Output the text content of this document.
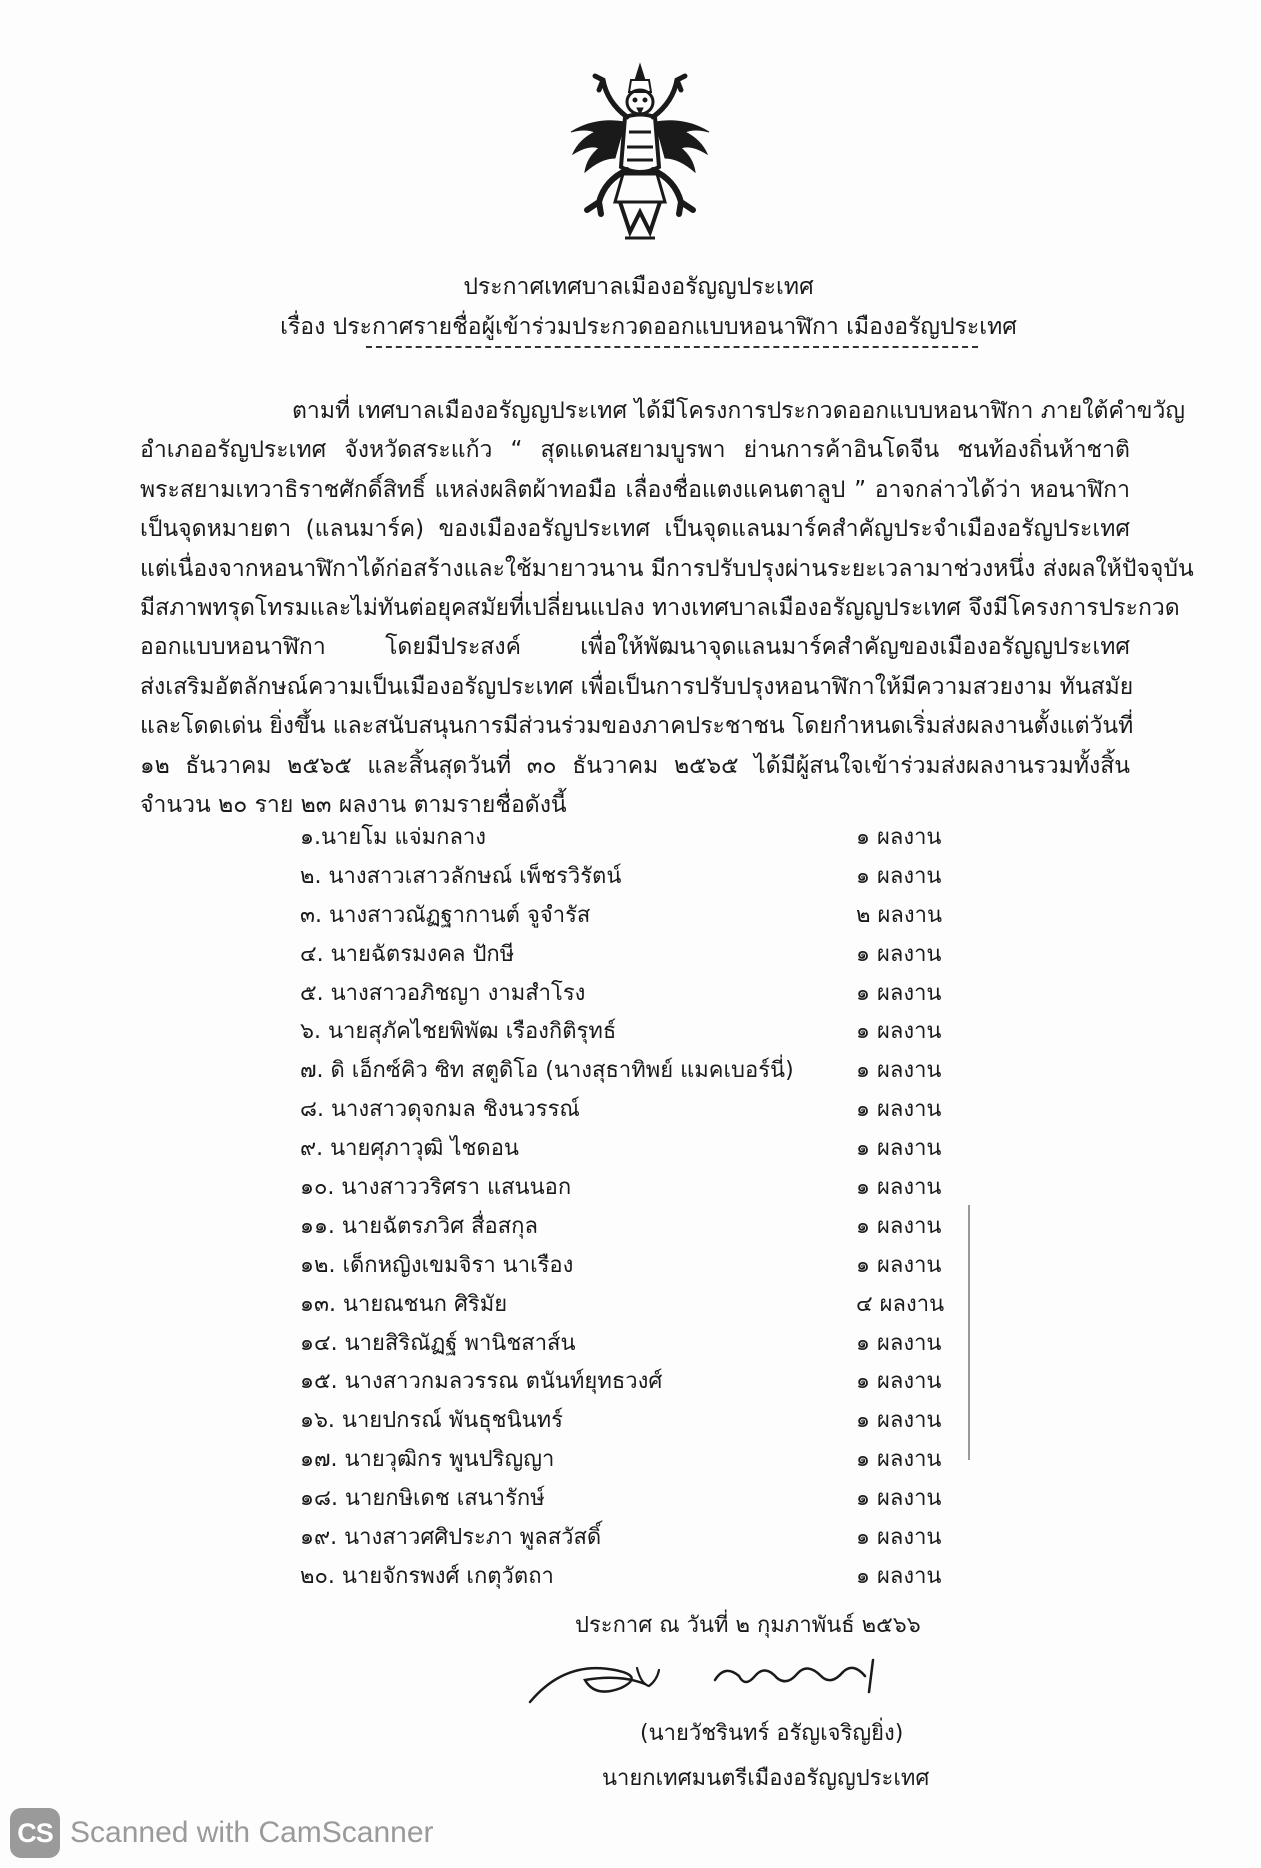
ประกาศเทศบาลเมืองอรัญญประเทศ
เรื่อง ประกาศรายชื่อผู้เข้าร่วมประกวดออกแบบหอนาฬิกา เมืองอรัญประเทศ
ตามที่ เทศบาลเมืองอรัญญประเทศ ได้มีโครงการประกวดออกแบบหอนาฬิกา ภายใต้คำขวัญ
อำเภออรัญประเทศ จังหวัดสระแก้ว “ สุดแดนสยามบูรพา ย่านการค้าอินโดจีน ชนท้องถิ่นห้าชาติ
พระสยามเทวาธิราชศักดิ์สิทธิ์ แหล่งผลิตผ้าทอมือ เลื่องชื่อแตงแคนตาลูป ” อาจกล่าวได้ว่า หอนาฬิกา
เป็นจุดหมายตา (แลนมาร์ค) ของเมืองอรัญประเทศ เป็นจุดแลนมาร์คสำคัญประจำเมืองอรัญประเทศ
แต่เนื่องจากหอนาฬิกาได้ก่อสร้างและใช้มายาวนาน มีการปรับปรุงผ่านระยะเวลามาช่วงหนึ่ง ส่งผลให้ปัจจุบัน
มีสภาพทรุดโทรมและไม่ทันต่อยุคสมัยที่เปลี่ยนแปลง ทางเทศบาลเมืองอรัญญประเทศ จึงมีโครงการประกวด
ออกแบบหอนาฬิกา โดยมีประสงค์ เพื่อให้พัฒนาจุดแลนมาร์คสำคัญของเมืองอรัญญประเทศ
ส่งเสริมอัตลักษณ์ความเป็นเมืองอรัญประเทศ เพื่อเป็นการปรับปรุงหอนาฬิกาให้มีความสวยงาม ทันสมัย
และโดดเด่น ยิ่งขึ้น และสนับสนุนการมีส่วนร่วมของภาคประชาชน โดยกำหนดเริ่มส่งผลงานตั้งแต่วันที่
๑๒ ธันวาคม ๒๕๖๕ และสิ้นสุดวันที่ ๓๐ ธันวาคม ๒๕๖๕ ได้มีผู้สนใจเข้าร่วมส่งผลงานรวมทั้งสิ้น
จำนวน ๒๐ ราย ๒๓ ผลงาน ตามรายชื่อดังนี้
๑.นายโม แจ่มกลาง	๑ ผลงาน
๒. นางสาวเสาวลักษณ์ เพ็ชรวิรัตน์	๑ ผลงาน
๓. นางสาวณัฏฐากานต์ จูจำรัส	๒ ผลงาน
๔. นายฉัตรมงคล ปักษี	๑ ผลงาน
๕. นางสาวอภิชญา งามสำโรง	๑ ผลงาน
๖. นายสุภัคไชยพิพัฒ เรืองกิติรุทธ์	๑ ผลงาน
๗. ดิ เอ็กซ์คิว ซิท สตูดิโอ (นางสุธาทิพย์ แมคเบอร์นี่)	๑ ผลงาน
๘. นางสาวดุจกมล ชิงนวรรณ์	๑ ผลงาน
๙. นายศุภาวุฒิ ไชดอน	๑ ผลงาน
๑๐. นางสาววริศรา แสนนอก	๑ ผลงาน
๑๑. นายฉัตรภวิศ สื่อสกุล	๑ ผลงาน
๑๒. เด็กหญิงเขมจิรา นาเรือง	๑ ผลงาน
๑๓. นายณชนก ศิริมัย	๔ ผลงาน
๑๔. นายสิริณัฏฐ์ พานิชสาส์น	๑ ผลงาน
๑๕. นางสาวกมลวรรณ ตนันท์ยุทธวงศ์	๑ ผลงาน
๑๖. นายปกรณ์ พันธุชนินทร์	๑ ผลงาน
๑๗. นายวุฒิกร พูนปริญญา	๑ ผลงาน
๑๘. นายกษิเดช เสนารักษ์	๑ ผลงาน
๑๙. นางสาวศศิประภา พูลสวัสดิ์	๑ ผลงาน
๒๐. นายจักรพงศ์ เกตุวัตถา	๑ ผลงาน
ประกาศ ณ วันที่ ๒ กุมภาพันธ์ ๒๕๖๖
(นายวัชรินทร์ อรัญเจริญยิ่ง)
นายกเทศมนตรีเมืองอรัญญประเทศ
CS Scanned with CamScanner
